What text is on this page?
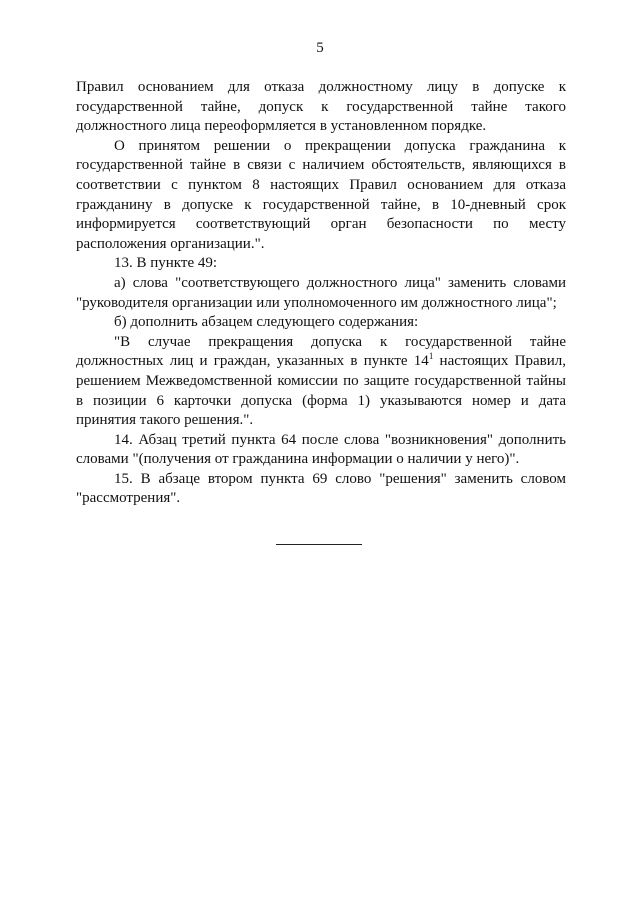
5

Правил основанием для отказа должностному лицу в допуске к государственной тайне, допуск к государственной тайне такого должностного лица переоформляется в установленном порядке.

О принятом решении о прекращении допуска гражданина к государственной тайне в связи с наличием обстоятельств, являющихся в соответствии с пунктом 8 настоящих Правил основанием для отказа гражданину в допуске к государственной тайне, в 10-дневный срок информируется соответствующий орган безопасности по месту расположения организации.".

13. В пункте 49:

а) слова "соответствующего должностного лица" заменить словами "руководителя организации или уполномоченного им должностного лица";

б) дополнить абзацем следующего содержания:

"В случае прекращения допуска к государственной тайне должностных лиц и граждан, указанных в пункте $14^1$ настоящих Правил, решением Межведомственной комиссии по защите государственной тайны в позиции 6 карточки допуска (форма 1) указываются номер и дата принятия такого решения.".

14. Абзац третий пункта 64 после слова "возникновения" дополнить словами "(получения от гражданина информации о наличии у него)".

15. В абзаце втором пункта 69 слово "решения" заменить словом "рассмотрения".
